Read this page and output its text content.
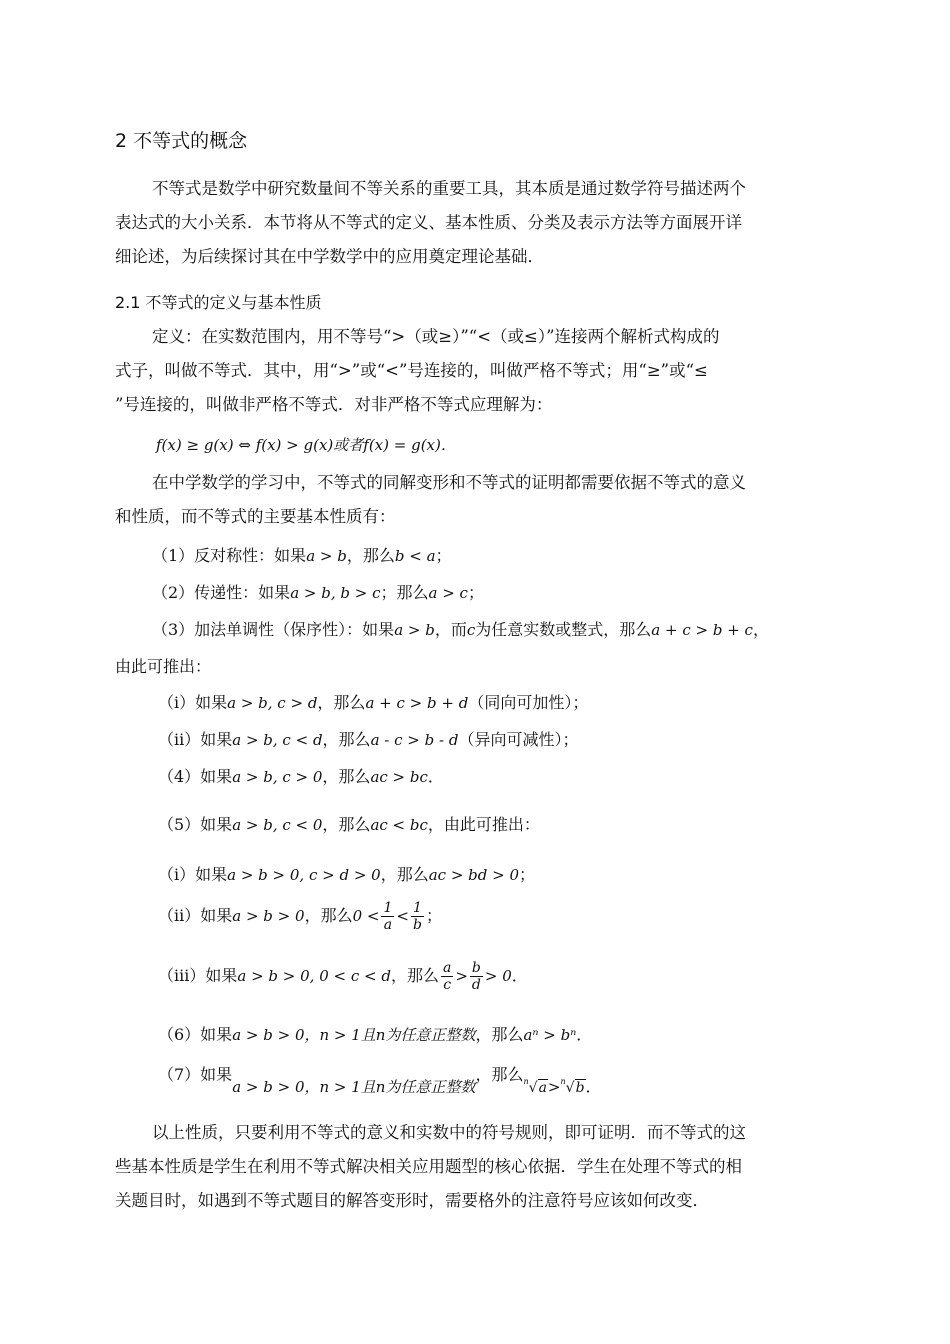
2 不等式的概念
不等式是数学中研究数量间不等关系的重要工具，其本质是通过数学符号描述两个
表达式的大小关系．本节将从不等式的定义、基本性质、分类及表示方法等方面展开详
细论述，为后续探讨其在中学数学中的应用奠定理论基础．
2.1 不等式的定义与基本性质
定义：在实数范围内，用不等号“>（或≥）”“<（或≤）”连接两个解析式构成的
式子，叫做不等式．其中，用“>”或“<”号连接的，叫做严格不等式；用“≥”或“≤
”号连接的，叫做非严格不等式．对非严格不等式应理解为：
f(x) ≥ g(x) ⇔ f(x) > g(x)或者f(x) = g(x)．
在中学数学的学习中，不等式的同解变形和不等式的证明都需要依据不等式的意义
和性质，而不等式的主要基本性质有：
（1）反对称性：如果a > b，那么b < a；
（2）传递性：如果a > b, b > c；那么a > c；
（3）加法单调性（保序性）：如果a > b，而c为任意实数或整式，那么a + c > b + c，
由此可推出：
（i）如果a > b, c > d，那么a + c > b + d（同向可加性）；
（ii）如果a > b, c < d，那么a - c > b - d（异向可减性）；
（4）如果a > b, c > 0，那么ac > bc．
（5）如果a > b, c < 0，那么ac < bc，由此可推出：
（i）如果a > b > 0, c > d > 0，那么ac > bd > 0；
（ii）如果a > b > 0，那么$0 < \frac{1}{a} < \frac{1}{b}$ ；
（iii）如果a > b > 0, 0 < c < d，那么 $\frac{a}{c} > \frac{b}{d} > 0$．
（6）如果a > b > 0，n > 1且n为任意正整数，那么aⁿ > bⁿ．
（7）如果a > b > 0，n > 1且n为任意正整数，那么$^n$√a>$^n$√b．
以上性质，只要利用不等式的意义和实数中的符号规则，即可证明．而不等式的这
些基本性质是学生在利用不等式解决相关应用题型的核心依据．学生在处理不等式的相
关题目时，如遇到不等式题目的解答变形时，需要格外的注意符号应该如何改变．
